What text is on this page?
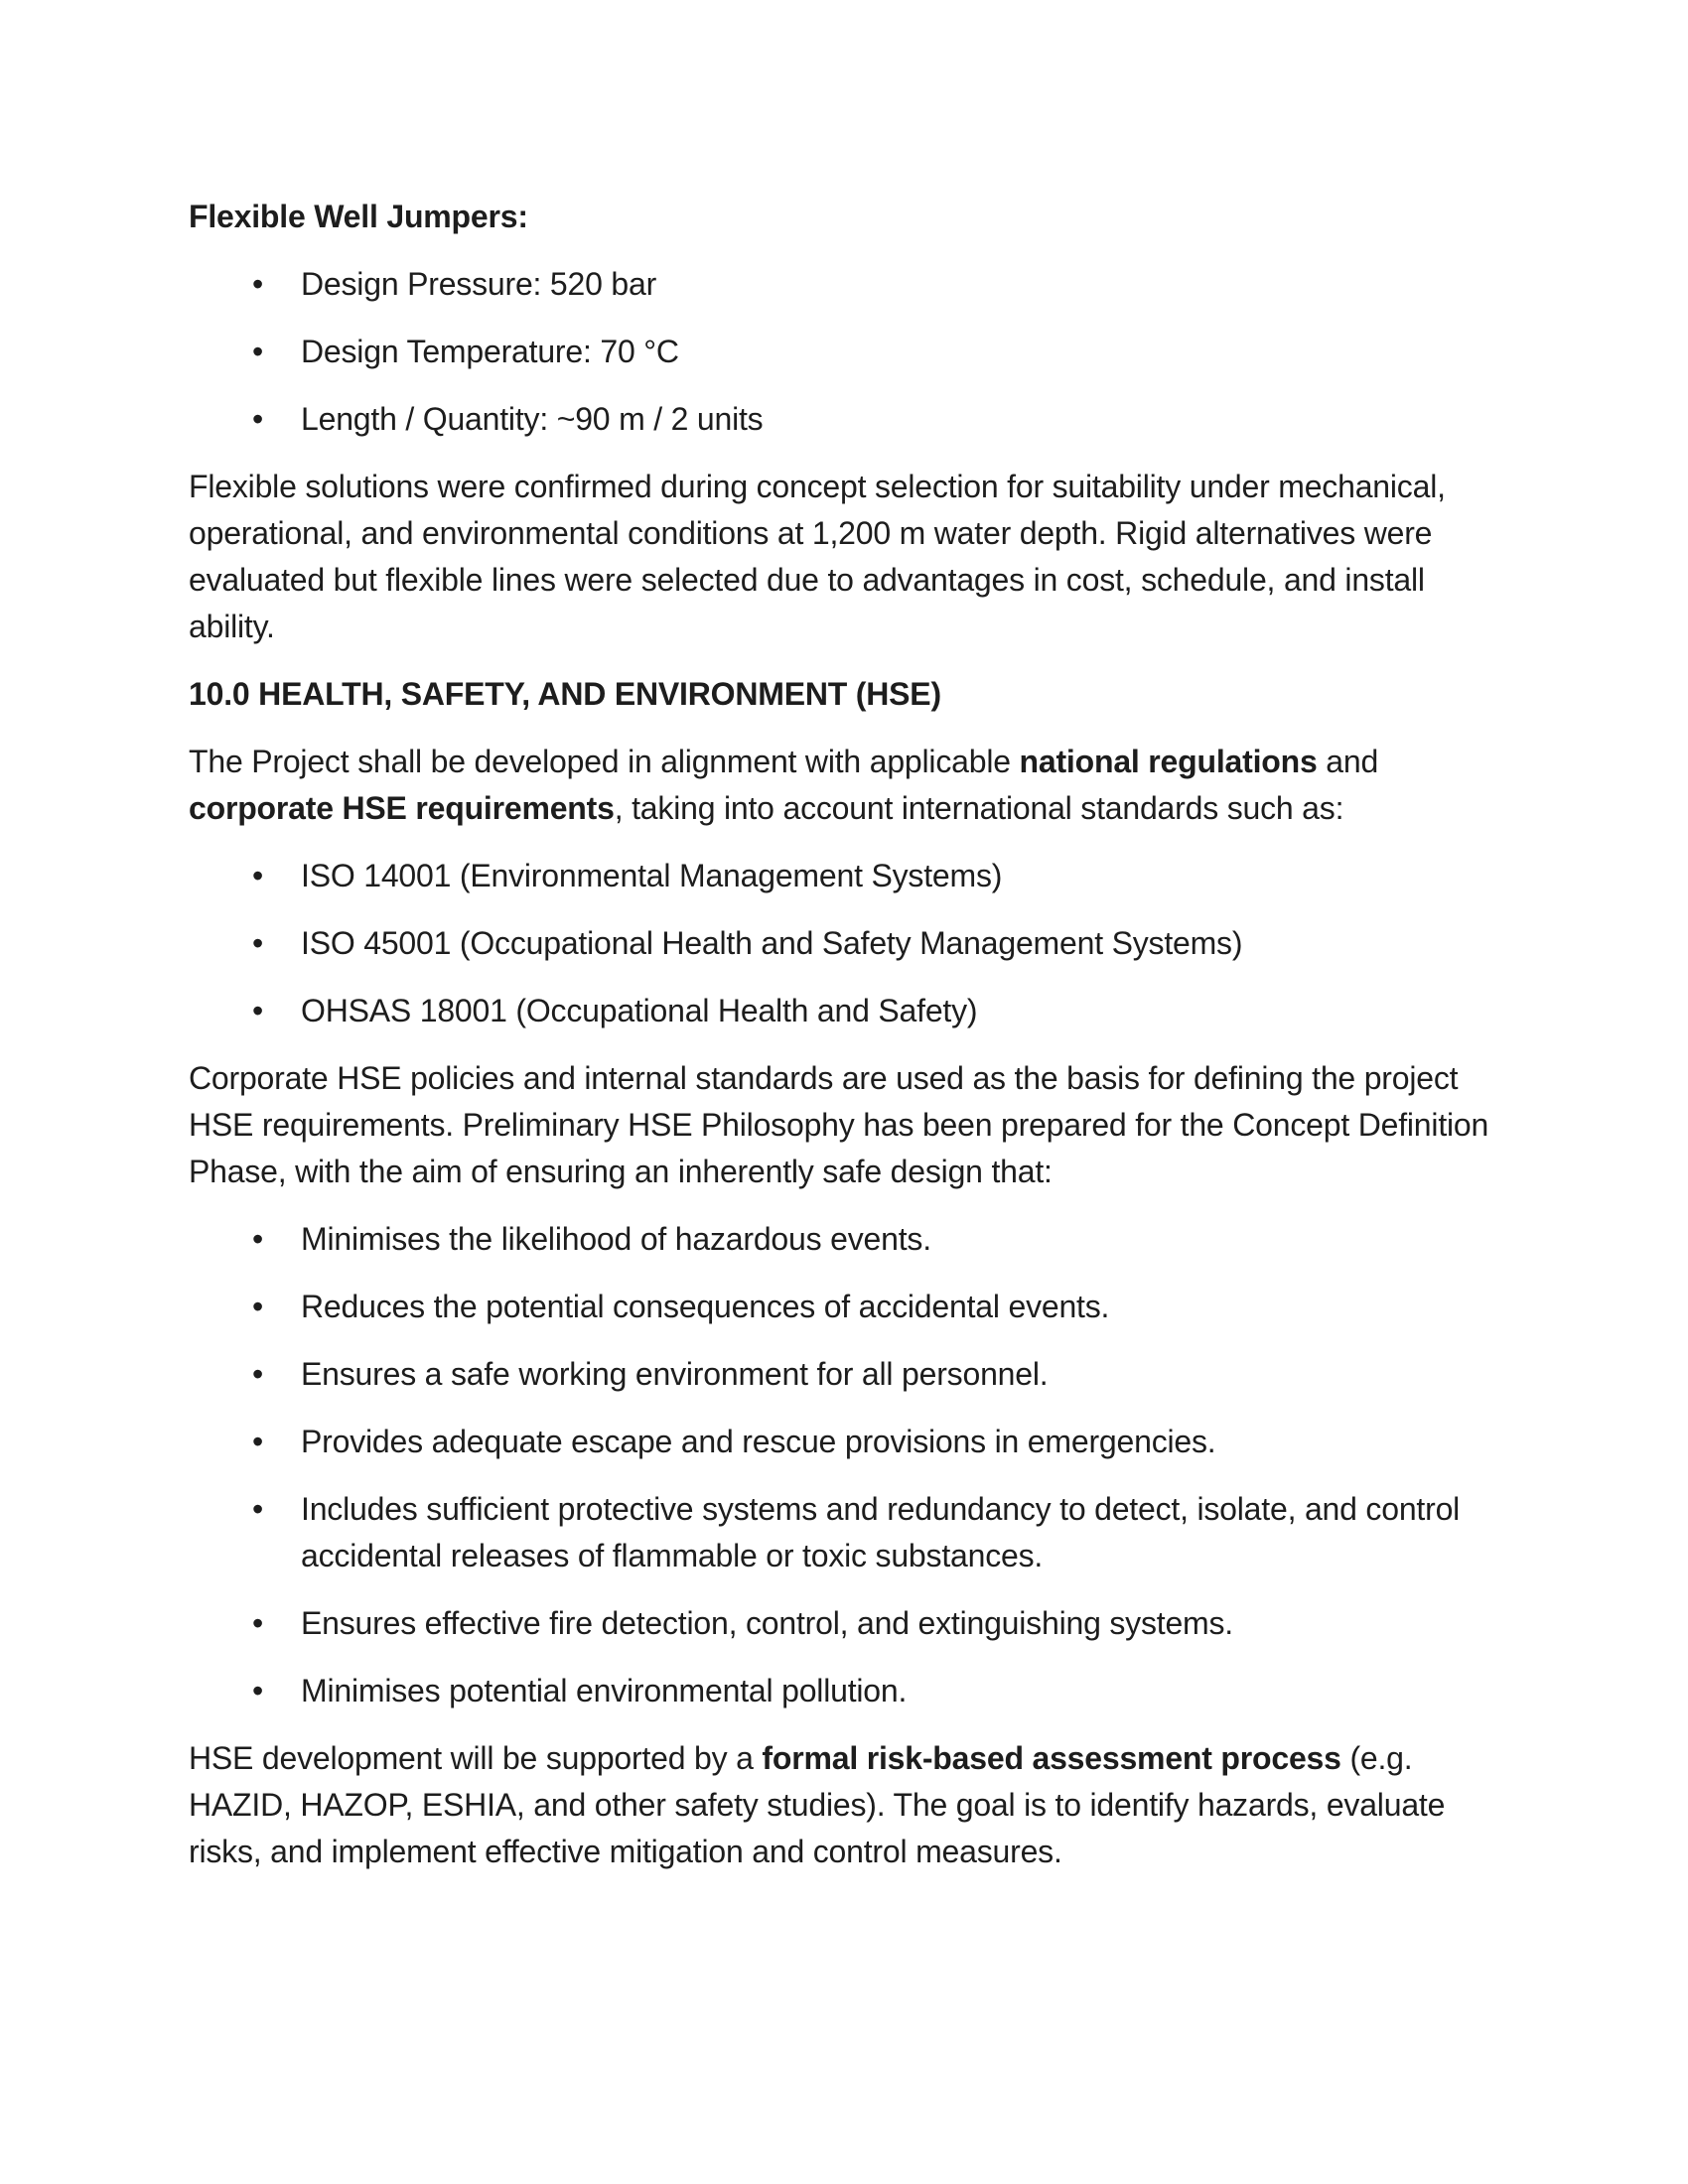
Flexible Well Jumpers:
•
Design Pressure: 520 bar
•
Design Temperature: 70 °C
•
Length / Quantity: ~90 m / 2 units

Flexible solutions were confirmed during concept selection for suitability under mechanical, operational, and environmental conditions at 1,200 m water depth. Rigid alternatives were evaluated but flexible lines were selected due to advantages in cost, schedule, and install ability.

10.0 HEALTH, SAFETY, AND ENVIRONMENT (HSE)

The Project shall be developed in alignment with applicable national regulations and corporate HSE requirements, taking into account international standards such as:

•
ISO 14001 (Environmental Management Systems)
•
ISO 45001 (Occupational Health and Safety Management Systems)
•
OHSAS 18001 (Occupational Health and Safety)

Corporate HSE policies and internal standards are used as the basis for defining the project HSE requirements. Preliminary HSE Philosophy has been prepared for the Concept Definition Phase, with the aim of ensuring an inherently safe design that:

•
Minimises the likelihood of hazardous events.
•
Reduces the potential consequences of accidental events.
•
Ensures a safe working environment for all personnel.
•
Provides adequate escape and rescue provisions in emergencies.
•
Includes sufficient protective systems and redundancy to detect, isolate, and control accidental releases of flammable or toxic substances.
•
Ensures effective fire detection, control, and extinguishing systems.
•
Minimises potential environmental pollution.

HSE development will be supported by a formal risk-based assessment process (e.g. HAZID, HAZOP, ESHIA, and other safety studies). The goal is to identify hazards, evaluate risks, and implement effective mitigation and control measures.
